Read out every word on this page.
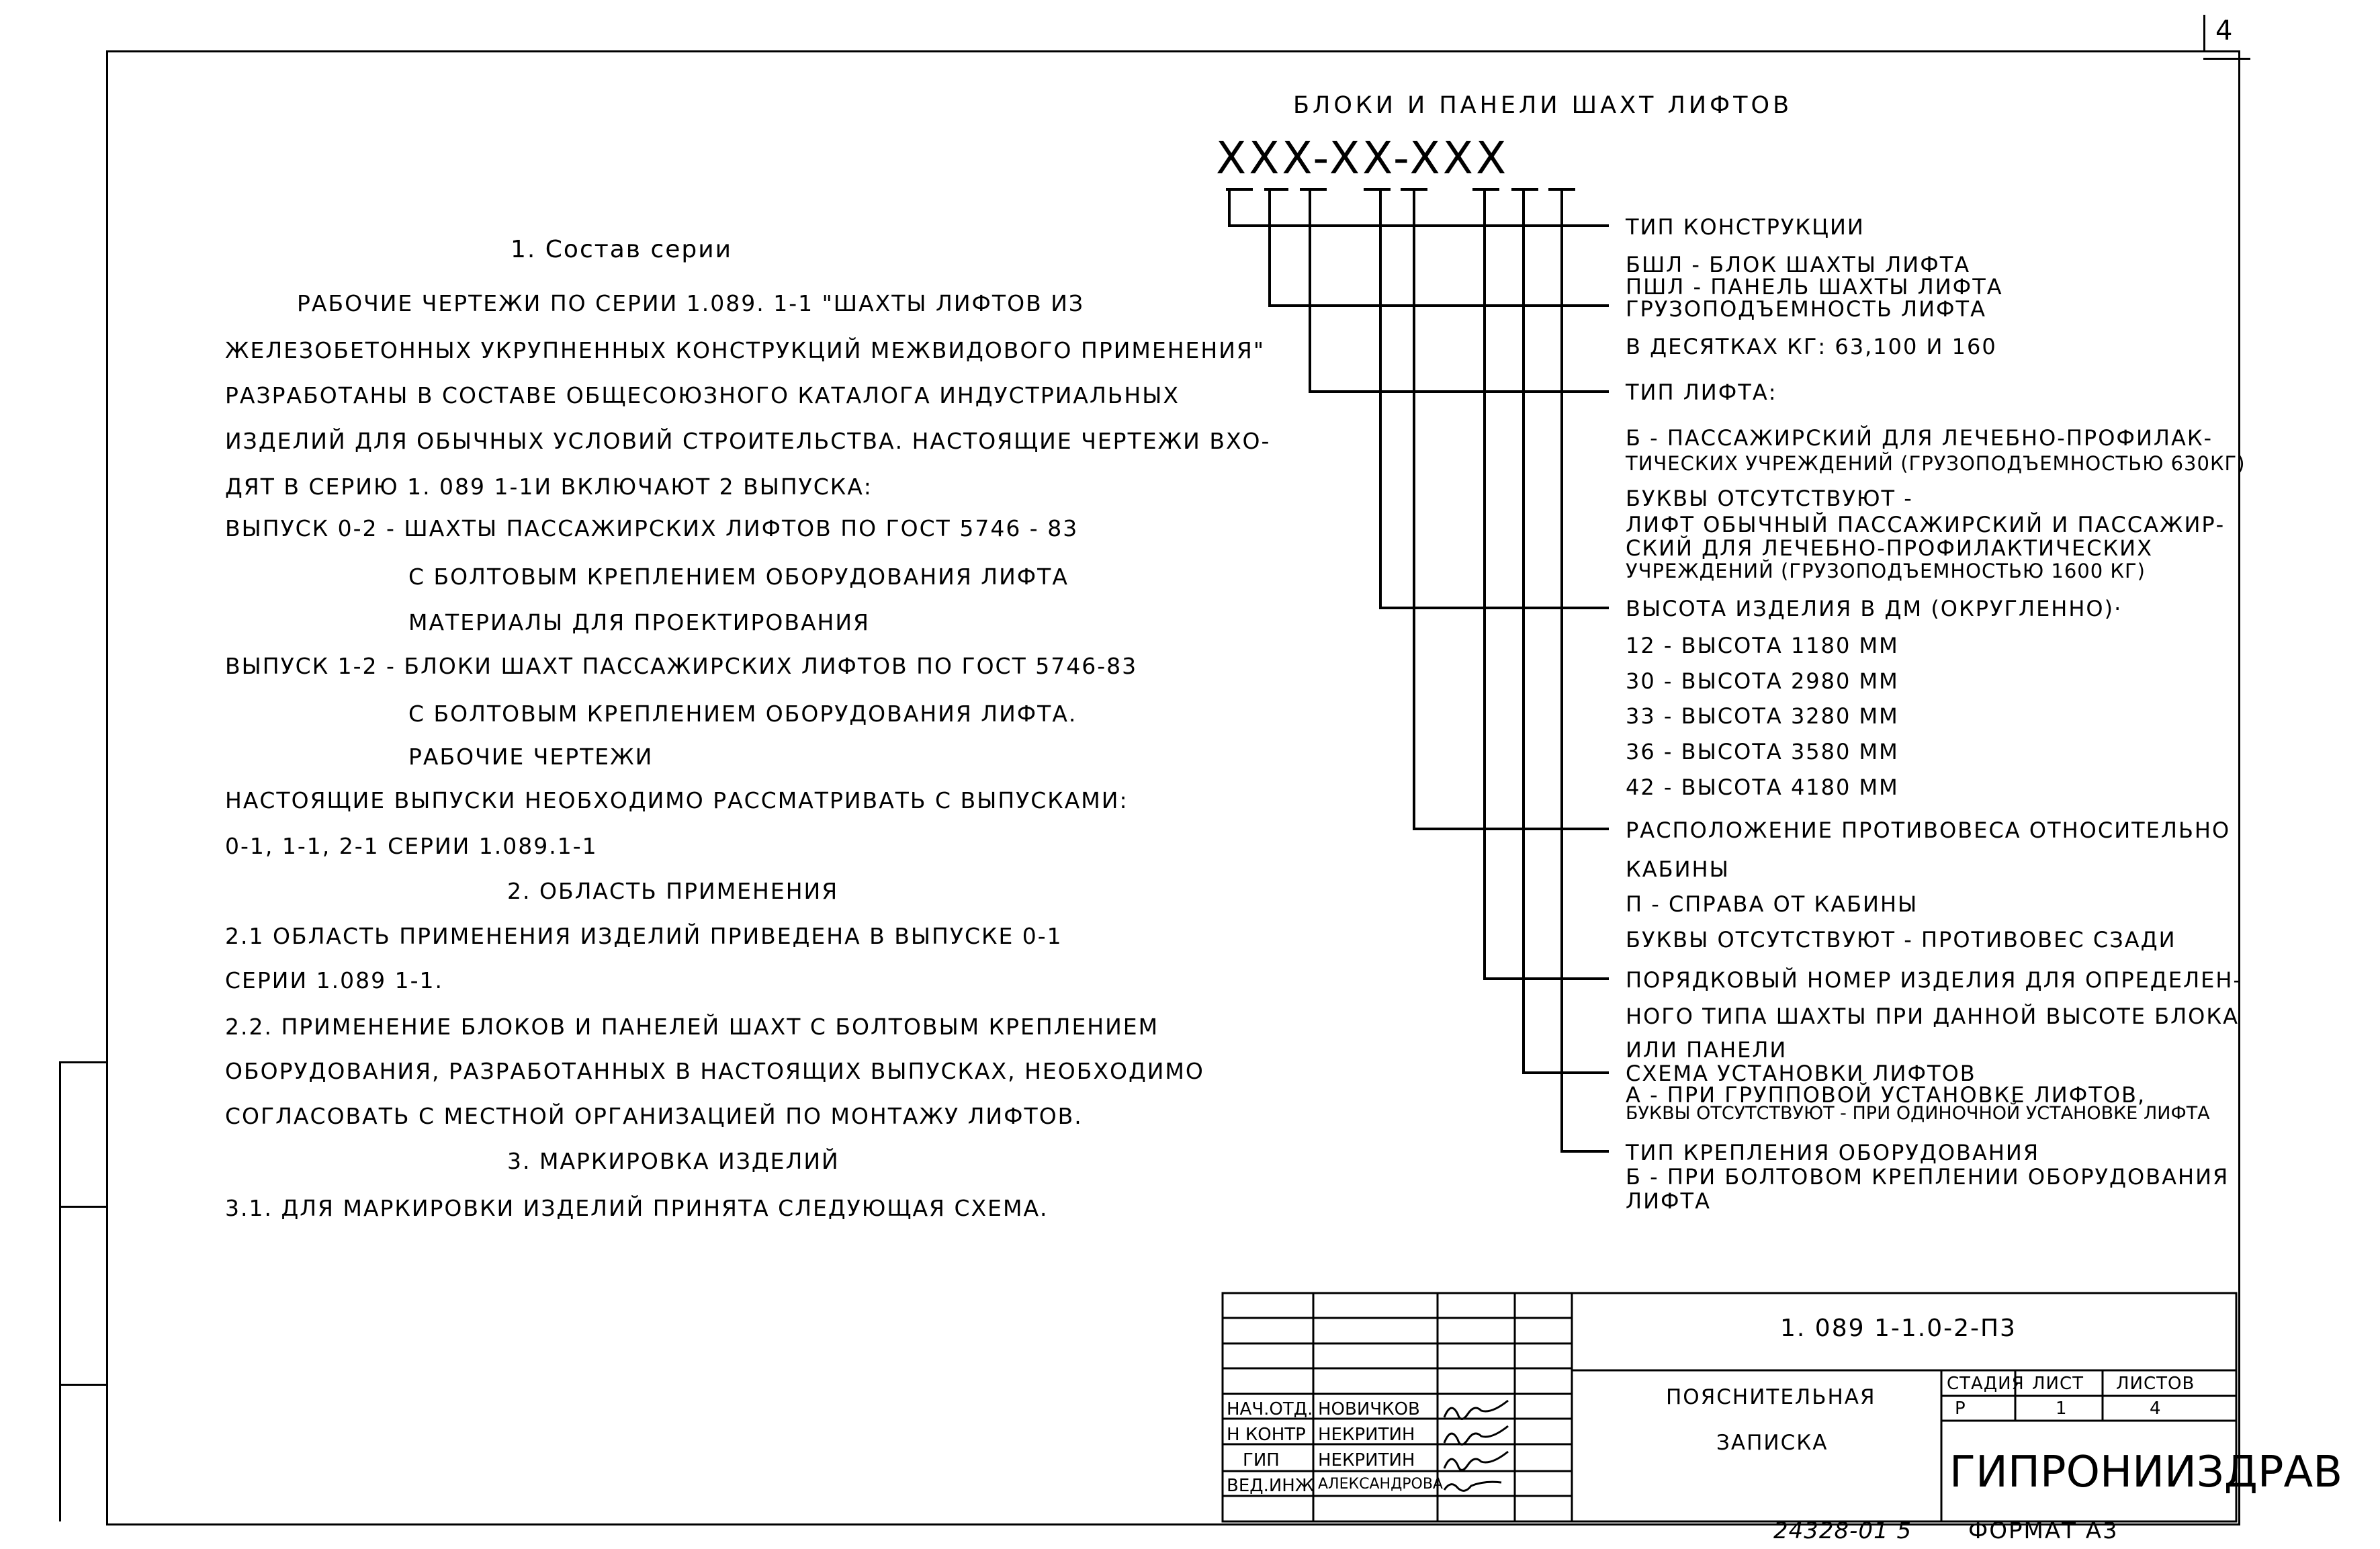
4
1. Состав серии
РАБОЧИЕ ЧЕРТЕЖИ ПО СЕРИИ 1.089. 1-1 "ШАХТЫ ЛИФТОВ ИЗ
ЖЕЛЕЗОБЕТОННЫХ УКРУПНЕННЫХ КОНСТРУКЦИЙ МЕЖВИДОВОГО ПРИМЕНЕНИЯ"
РАЗРАБОТАНЫ В СОСТАВЕ ОБЩЕСОЮЗНОГО КАТАЛОГА ИНДУСТРИАЛЬНЫХ
ИЗДЕЛИЙ ДЛЯ ОБЫЧНЫХ УСЛОВИЙ СТРОИТЕЛЬСТВА. НАСТОЯЩИЕ ЧЕРТЕЖИ ВХО-
ДЯТ В СЕРИЮ 1. 089 1-1И ВКЛЮЧАЮТ 2 ВЫПУСКА:
ВЫПУСК 0-2 - ШАХТЫ ПАССАЖИРСКИХ ЛИФТОВ ПО ГОСТ 5746 - 83
С БОЛТОВЫМ КРЕПЛЕНИЕМ ОБОРУДОВАНИЯ ЛИФТА
МАТЕРИАЛЫ ДЛЯ ПРОЕКТИРОВАНИЯ
ВЫПУСК 1-2 - БЛОКИ ШАХТ ПАССАЖИРСКИХ ЛИФТОВ ПО ГОСТ 5746-83
С БОЛТОВЫМ КРЕПЛЕНИЕМ ОБОРУДОВАНИЯ ЛИФТА.
РАБОЧИЕ ЧЕРТЕЖИ
НАСТОЯЩИЕ ВЫПУСКИ НЕОБХОДИМО РАССМАТРИВАТЬ С ВЫПУСКАМИ:
0-1, 1-1, 2-1 СЕРИИ 1.089.1-1
2. ОБЛАСТЬ ПРИМЕНЕНИЯ
2.1 ОБЛАСТЬ ПРИМЕНЕНИЯ ИЗДЕЛИЙ ПРИВЕДЕНА В ВЫПУСКЕ 0-1
СЕРИИ 1.089 1-1.
2.2. ПРИМЕНЕНИЕ БЛОКОВ И ПАНЕЛЕЙ ШАХТ С БОЛТОВЫМ КРЕПЛЕНИЕМ
ОБОРУДОВАНИЯ, РАЗРАБОТАННЫХ В НАСТОЯЩИХ ВЫПУСКАХ, НЕОБХОДИМО
СОГЛАСОВАТЬ С МЕСТНОЙ ОРГАНИЗАЦИЕЙ ПО МОНТАЖУ ЛИФТОВ.
3. МАРКИРОВКА ИЗДЕЛИЙ
3.1. ДЛЯ МАРКИРОВКИ ИЗДЕЛИЙ ПРИНЯТА СЛЕДУЮЩАЯ СХЕМА.
БЛОКИ И ПАНЕЛИ ШАХТ ЛИФТОВ
XXX-XX-XXX
ТИП КОНСТРУКЦИИ
БШЛ - БЛОК ШАХТЫ ЛИФТА
ПШЛ - ПАНЕЛЬ ШАХТЫ ЛИФТА
ГРУЗОПОДЪЕМНОСТЬ ЛИФТА
В ДЕСЯТКАХ КГ: 63,100 И 160
ТИП ЛИФТА:
Б - ПАССАЖИРСКИЙ ДЛЯ ЛЕЧЕБНО-ПРОФИЛАК-
ТИЧЕСКИХ УЧРЕЖДЕНИЙ (ГРУЗОПОДЪЕМНОСТЬЮ 630КГ)
БУКВЫ ОТСУТСТВУЮТ -
ЛИФТ ОБЫЧНЫЙ ПАССАЖИРСКИЙ И ПАССАЖИР-
СКИЙ ДЛЯ ЛЕЧЕБНО-ПРОФИЛАКТИЧЕСКИХ
УЧРЕЖДЕНИЙ (ГРУЗОПОДЪЕМНОСТЬЮ 1600 КГ)
ВЫСОТА ИЗДЕЛИЯ В ДМ (ОКРУГЛЕННО)·
12 - ВЫСОТА 1180 ММ
30 - ВЫСОТА 2980 ММ
33 - ВЫСОТА 3280 ММ
36 - ВЫСОТА 3580 ММ
42 - ВЫСОТА 4180 ММ
РАСПОЛОЖЕНИЕ ПРОТИВОВЕСА ОТНОСИТЕЛЬНО
КАБИНЫ
П - СПРАВА ОТ КАБИНЫ
БУКВЫ ОТСУТСТВУЮТ - ПРОТИВОВЕС СЗАДИ
ПОРЯДКОВЫЙ НОМЕР ИЗДЕЛИЯ ДЛЯ ОПРЕДЕЛЕН-
НОГО ТИПА ШАХТЫ ПРИ ДАННОЙ ВЫСОТЕ БЛОКА
ИЛИ ПАНЕЛИ
СХЕМА УСТАНОВКИ ЛИФТОВ
А - ПРИ ГРУППОВОЙ УСТАНОВКЕ ЛИФТОВ,
БУКВЫ ОТСУТСТВУЮТ - ПРИ ОДИНОЧНОЙ УСТАНОВКЕ ЛИФТА
ТИП КРЕПЛЕНИЯ ОБОРУДОВАНИЯ
Б - ПРИ БОЛТОВОМ КРЕПЛЕНИИ ОБОРУДОВАНИЯ
ЛИФТА
1. 089 1-1.0-2-П3
ПОЯСНИТЕЛЬНАЯ
ЗАПИСКА
СТАДИЯ ЛИСТ ЛИСТОВ
Р	1	4
ГИПРОНИИЗДРАВ
НАЧ.ОТД. НОВИЧКОВ
Н КОНТР НЕКРИТИН
ГИП НЕКРИТИН
ВЕД.ИНЖ АЛЕКСАНДРОВА
24328-01 5 ФОРМАТ А3
